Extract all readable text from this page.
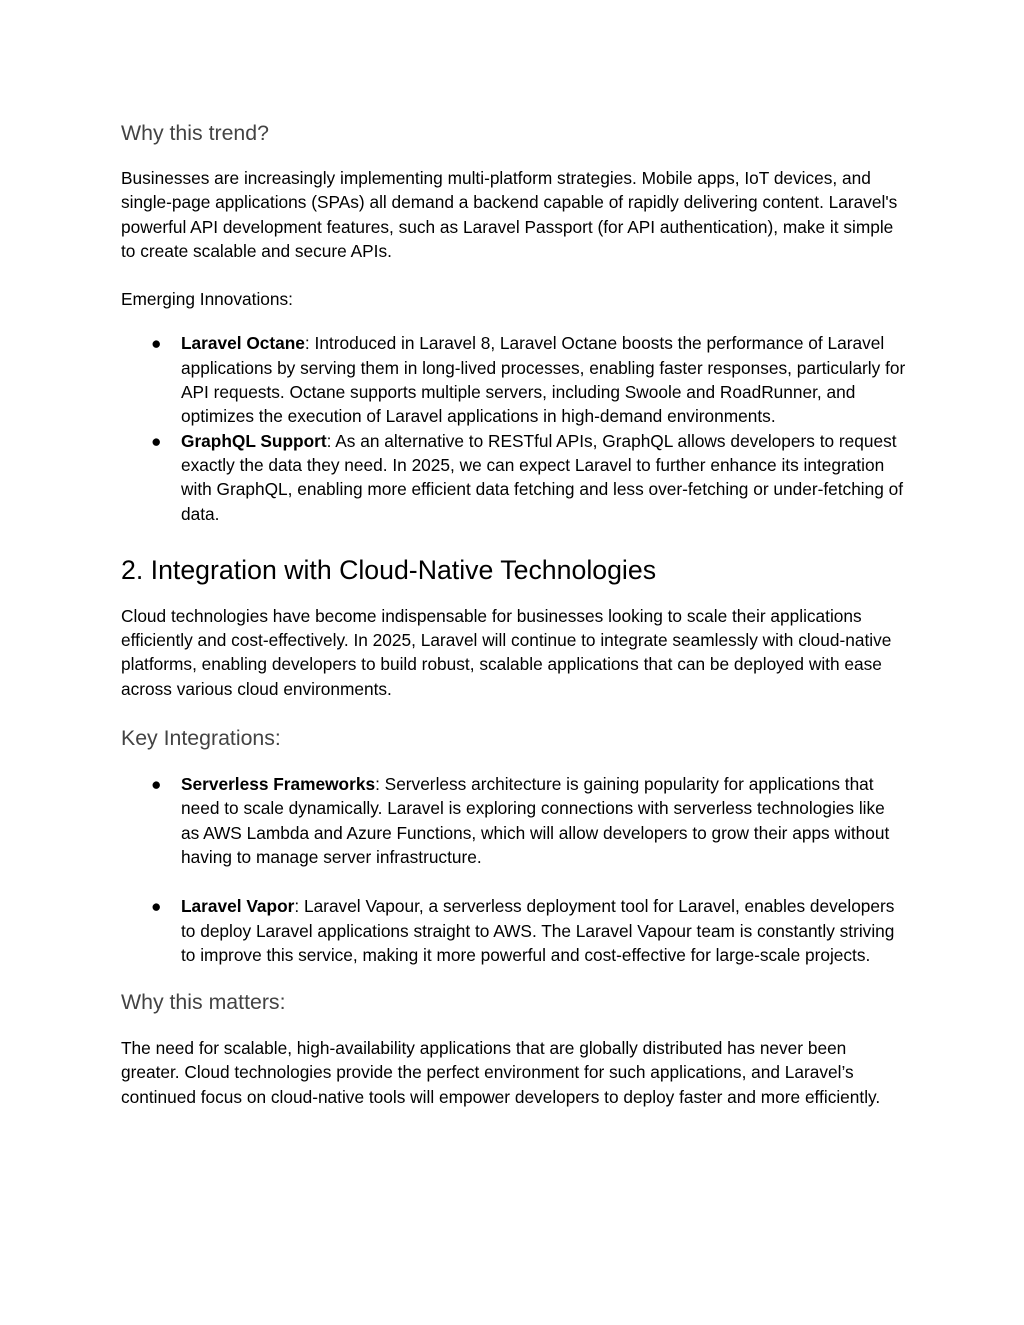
Why this trend?

Businesses are increasingly implementing multi-platform strategies. Mobile apps, IoT devices, and single-page applications (SPAs) all demand a backend capable of rapidly delivering content. Laravel's powerful API development features, such as Laravel Passport (for API authentication), make it simple to create scalable and secure APIs.

Emerging Innovations:

●	Laravel Octane: Introduced in Laravel 8, Laravel Octane boosts the performance of Laravel applications by serving them in long-lived processes, enabling faster responses, particularly for API requests. Octane supports multiple servers, including Swoole and RoadRunner, and optimizes the execution of Laravel applications in high-demand environments.
●	GraphQL Support: As an alternative to RESTful APIs, GraphQL allows developers to request exactly the data they need. In 2025, we can expect Laravel to further enhance its integration with GraphQL, enabling more efficient data fetching and less over-fetching or under-fetching of data.
2. Integration with Cloud-Native Technologies

Cloud technologies have become indispensable for businesses looking to scale their applications efficiently and cost-effectively. In 2025, Laravel will continue to integrate seamlessly with cloud-native platforms, enabling developers to build robust, scalable applications that can be deployed with ease across various cloud environments.

Key Integrations:
●	Serverless Frameworks: Serverless architecture is gaining popularity for applications that need to scale dynamically. Laravel is exploring connections with serverless technologies like as AWS Lambda and Azure Functions, which will allow developers to grow their apps without having to manage server infrastructure.
●	Laravel Vapor: Laravel Vapour, a serverless deployment tool for Laravel, enables developers to deploy Laravel applications straight to AWS. The Laravel Vapour team is constantly striving to improve this service, making it more powerful and cost-effective for large-scale projects.
Why this matters:

The need for scalable, high-availability applications that are globally distributed has never been greater. Cloud technologies provide the perfect environment for such applications, and Laravel’s continued focus on cloud-native tools will empower developers to deploy faster and more efficiently.
